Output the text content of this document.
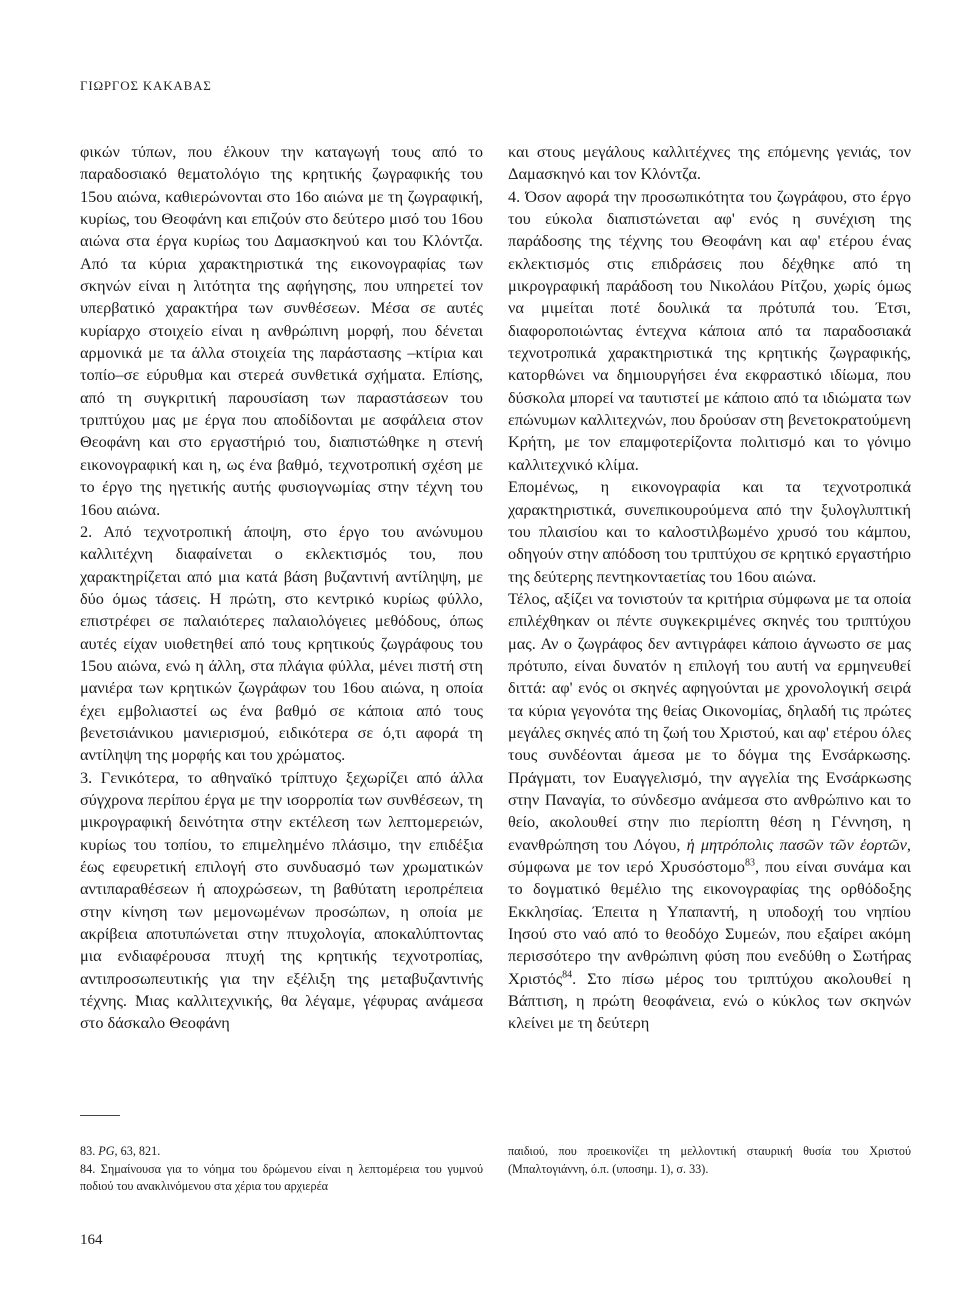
ΓΙΩΡΓΟΣ ΚΑΚΑΒΑΣ

φικών τύπων, που έλκουν την καταγωγή τους από το παραδοσιακό θεματολόγιο της κρητικής ζωγραφικής του 15ου αιώνα, καθιερώνονται στο 16ο αιώνα με τη ζωγραφική, κυρίως, του Θεοφάνη και επιζούν στο δεύτερο μισό του 16ου αιώνα στα έργα κυρίως του Δαμασκηνού και του Κλόντζα. Από τα κύρια χαρακτηριστικά της εικονογραφίας των σκηνών είναι η λιτότητα της αφήγησης, που υπηρετεί τον υπερβατικό χαρακτήρα των συνθέσεων. Μέσα σε αυτές κυρίαρχο στοιχείο είναι η ανθρώπινη μορφή, που δένεται αρμονικά με τα άλλα στοιχεία της παράστασης –κτίρια και τοπίο–σε εύρυθμα και στερεά συνθετικά σχήματα. Επίσης, από τη συγκριτική παρουσίαση των παραστάσεων του τριπτύχου μας με έργα που αποδίδονται με ασφάλεια στον Θεοφάνη και στο εργαστήριό του, διαπιστώθηκε η στενή εικονογραφική και η, ως ένα βαθμό, τεχνοτροπική σχέση με το έργο της ηγετικής αυτής φυσιογνωμίας στην τέχνη του 16ου αιώνα.

2. Από τεχνοτροπική άποψη, στο έργο του ανώνυμου καλλιτέχνη διαφαίνεται ο εκλεκτισμός του, που χαρακτηρίζεται από μια κατά βάση βυζαντινή αντίληψη, με δύο όμως τάσεις. Η πρώτη, στο κεντρικό κυρίως φύλλο, επιστρέφει σε παλαιότερες παλαιολόγειες μεθόδους, όπως αυτές είχαν υιοθετηθεί από τους κρητικούς ζωγράφους του 15ου αιώνα, ενώ η άλλη, στα πλάγια φύλλα, μένει πιστή στη μανιέρα των κρητικών ζωγράφων του 16ου αιώνα, η οποία έχει εμβολιαστεί ως ένα βαθμό σε κάποια από τους βενετσιάνικου μανιερισμού, ειδικότερα σε ό,τι αφορά τη αντίληψη της μορφής και του χρώματος.

3. Γενικότερα, το αθηναϊκό τρίπτυχο ξεχωρίζει από άλλα σύγχρονα περίπου έργα με την ισορροπία των συνθέσεων, τη μικρογραφική δεινότητα στην εκτέλεση των λεπτομερειών, κυρίως του τοπίου, το επιμελημένο πλάσιμο, την επιδέξια έως εφευρετική επιλογή στο συνδυασμό των χρωματικών αντιπαραθέσεων ή αποχρώσεων, τη βαθύτατη ιεροπρέπεια στην κίνηση των μεμονωμένων προσώπων, η οποία με ακρίβεια αποτυπώνεται στην πτυχολογία, αποκαλύπτοντας μια ενδιαφέρουσα πτυχή της κρητικής τεχνοτροπίας, αντιπροσωπευτικής για την εξέλιξη της μεταβυζαντινής τέχνης. Μιας καλλιτεχνικής, θα λέγαμε, γέφυρας ανάμεσα στο δάσκαλο Θεοφάνη

και στους μεγάλους καλλιτέχνες της επόμενης γενιάς, τον Δαμασκηνό και τον Κλόντζα.

4. Όσον αφορά την προσωπικότητα του ζωγράφου, στο έργο του εύκολα διαπιστώνεται αφ' ενός η συνέχιση της παράδοσης της τέχνης του Θεοφάνη και αφ' ετέρου ένας εκλεκτισμός στις επιδράσεις που δέχθηκε από τη μικρογραφική παράδοση του Νικολάου Ρίτζου, χωρίς όμως να μιμείται ποτέ δουλικά τα πρότυπά του. Έτσι, διαφοροποιώντας έντεχνα κάποια από τα παραδοσιακά τεχνοτροπικά χαρακτηριστικά της κρητικής ζωγραφικής, κατορθώνει να δημιουργήσει ένα εκφραστικό ιδίωμα, που δύσκολα μπορεί να ταυτιστεί με κάποιο από τα ιδιώματα των επώνυμων καλλιτεχνών, που δρούσαν στη βενετοκρατούμενη Κρήτη, με τον επαμφοτερίζοντα πολιτισμό και το γόνιμο καλλιτεχνικό κλίμα.

Επομένως, η εικονογραφία και τα τεχνοτροπικά χαρακτηριστικά, συνεπικουρούμενα από την ξυλογλυπτική του πλαισίου και το καλοστιλβωμένο χρυσό του κάμπου, οδηγούν στην απόδοση του τριπτύχου σε κρητικό εργαστήριο της δεύτερης πεντηκονταετίας του 16ου αιώνα.

Τέλος, αξίζει να τονιστούν τα κριτήρια σύμφωνα με τα οποία επιλέχθηκαν οι πέντε συγκεκριμένες σκηνές του τριπτύχου μας. Αν ο ζωγράφος δεν αντιγράφει κάποιο άγνωστο σε μας πρότυπο, είναι δυνατόν η επιλογή του αυτή να ερμηνευθεί διττά: αφ' ενός οι σκηνές αφηγούνται με χρονολογική σειρά τα κύρια γεγονότα της θείας Οικονομίας, δηλαδή τις πρώτες μεγάλες σκηνές από τη ζωή του Χριστού, και αφ' ετέρου όλες τους συνδέονται άμεσα με το δόγμα της Ενσάρκωσης. Πράγματι, τον Ευαγγελισμό, την αγγελία της Ενσάρκωσης στην Παναγία, το σύνδεσμο ανάμεσα στο ανθρώπινο και το θείο, ακολουθεί στην πιο περίοπτη θέση η Γέννηση, η ενανθρώπηση του Λόγου, ἡ μητρόπολις πασῶν τῶν ἑορτῶν, σύμφωνα με τον ιερό Χρυσόστομο$^{83}$, που είναι συνάμα και το δογματικό θεμέλιο της εικονογραφίας της ορθόδοξης Εκκλησίας. Έπειτα η Υπαπαντή, η υποδοχή του νηπίου Ιησού στο ναό από το θεοδόχο Συμεών, που εξαίρει ακόμη περισσότερο την ανθρώπινη φύση που ενεδύθη ο Σωτήρας Χριστός$^{84}$. Στο πίσω μέρος του τριπτύχου ακολουθεί η Βάπτιση, η πρώτη θεοφάνεια, ενώ ο κύκλος των σκηνών κλείνει με τη δεύτερη

83. PG, 63, 821.

84. Σημαίνουσα για το νόημα του δρώμενου είναι η λεπτομέρεια του γυμνού ποδιού του ανακλινόμενου στα χέρια του αρχιερέα

παιδιού, που προεικονίζει τη μελλοντική σταυρική θυσία του Χριστού (Μπαλτογιάννη, ό.π. (υποσημ. 1), σ. 33).

164
